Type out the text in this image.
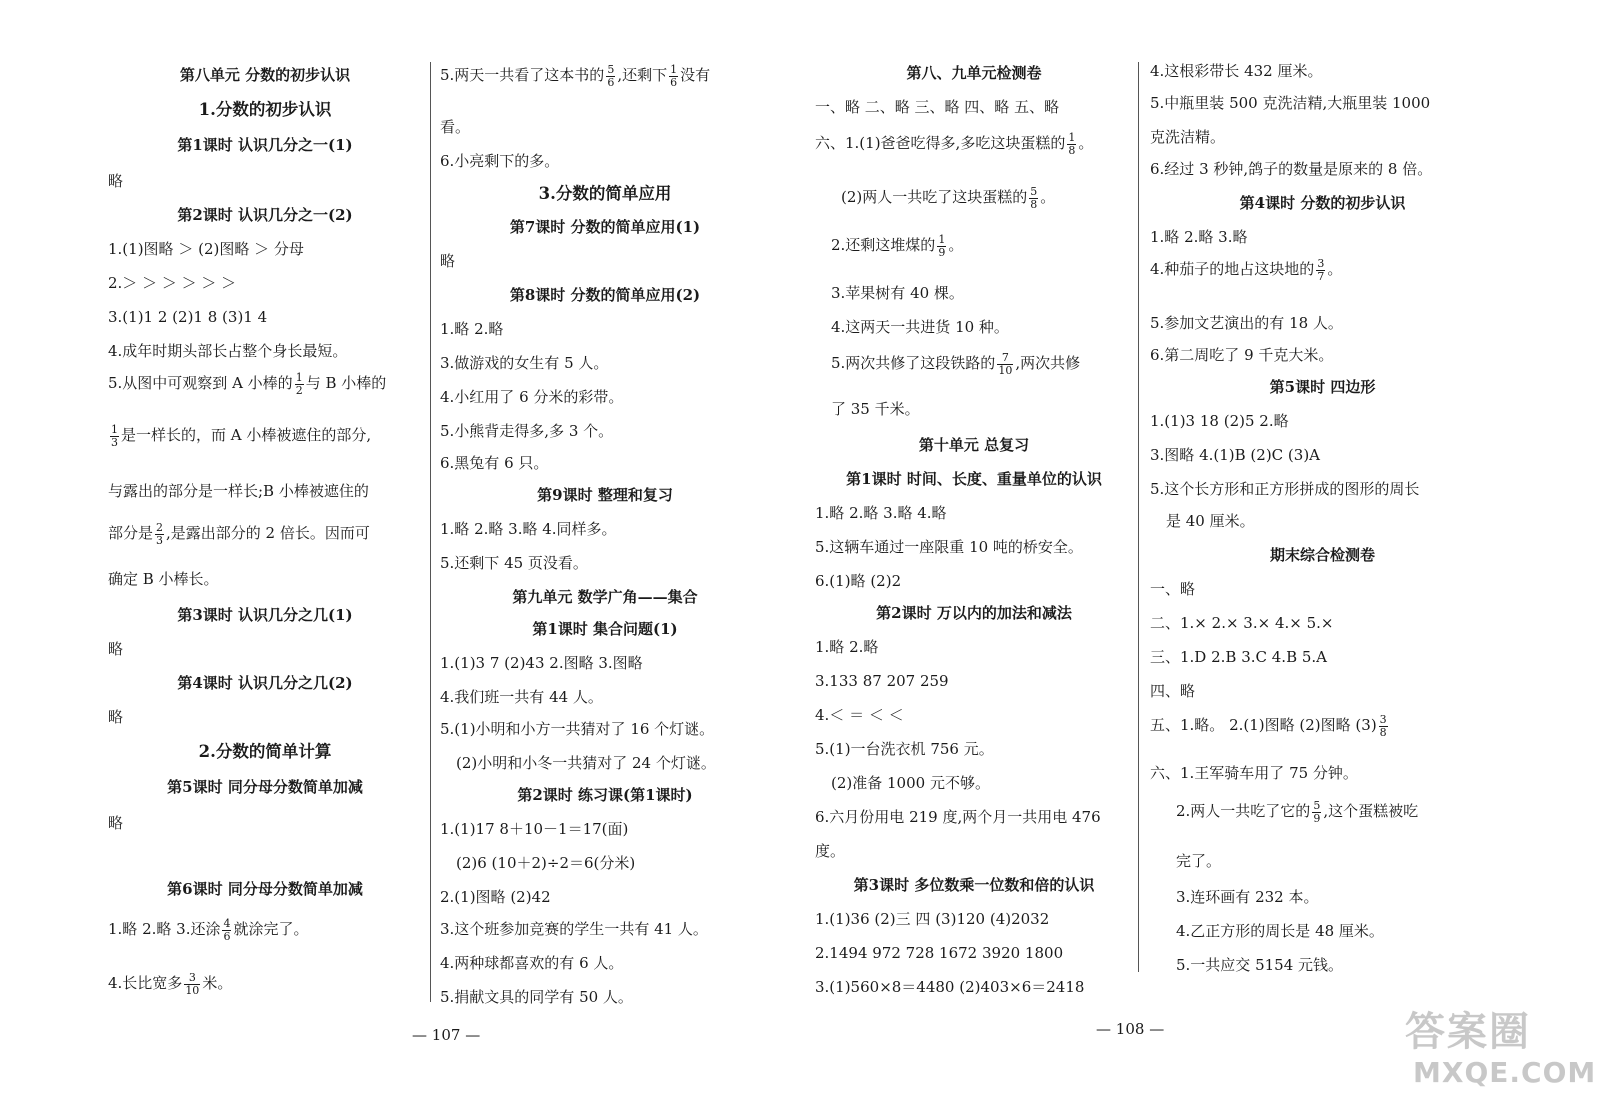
第八单元 分数的初步认识
1.分数的初步认识
第1课时 认识几分之一(1)
略
第2课时 认识几分之一(2)
1.(1)图略 ＞ (2)图略 ＞ 分母
2.＞ ＞ ＞ ＞ ＞ ＞
3.(1)1 2 (2)1 8 (3)1 4
4.成年时期头部长占整个身长最短。
5.从图中可观察到 A 小棒的 $\frac{1}{2}$ 与 B 小棒的
$\frac{1}{3}$ 是一样长的，而 A 小棒被遮住的部分,
与露出的部分是一样长;B 小棒被遮住的
部分是 $\frac{2}{3}$ ,是露出部分的 2 倍长。因而可
确定 B 小棒长。
第3课时 认识几分之几(1)
略
第4课时 认识几分之几(2)
略
2.分数的简单计算
第5课时 同分母分数简单加减
略
第6课时 同分母分数简单加减
1.略 2.略 3.还涂 $\frac{4}{6}$ 就涂完了。
4.长比宽多 $\frac{3}{10}$ 米。
5.两天一共看了这本书的 $\frac{5}{6}$ ,还剩下 $\frac{1}{6}$ 没有
看。
6.小亮剩下的多。
3.分数的简单应用
第7课时 分数的简单应用(1)
略
第8课时 分数的简单应用(2)
1.略 2.略
3.做游戏的女生有 5 人。
4.小红用了 6 分米的彩带。
5.小熊背走得多,多 3 个。
6.黑兔有 6 只。
第9课时 整理和复习
1.略 2.略 3.略 4.同样多。
5.还剩下 45 页没看。
第九单元 数学广角——集合
第1课时 集合问题(1)
1.(1)3 7 (2)43 2.图略 3.图略
4.我们班一共有 44 人。
5.(1)小明和小方一共猜对了 16 个灯谜。
(2)小明和小冬一共猜对了 24 个灯谜。
第2课时 练习课(第1课时)
1.(1)17 8＋10－1＝17(面)
(2)6 (10＋2)÷2＝6(分米)
2.(1)图略 (2)42
3.这个班参加竞赛的学生一共有 41 人。
4.两种球都喜欢的有 6 人。
5.捐献文具的同学有 50 人。
第八、九单元检测卷
一、略 二、略 三、略 四、略 五、略
六、1.(1)爸爸吃得多,多吃这块蛋糕的 $\frac{1}{8}$ 。
(2)两人一共吃了这块蛋糕的 $\frac{5}{8}$ 。
2.还剩这堆煤的 $\frac{1}{9}$ 。
3.苹果树有 40 棵。
4.这两天一共进货 10 种。
5.两次共修了这段铁路的 $\frac{7}{10}$ ,两次共修
了 35 千米。
第十单元 总复习
第1课时 时间、长度、重量单位的认识
1.略 2.略 3.略 4.略
5.这辆车通过一座限重 10 吨的桥安全。
6.(1)略 (2)2
第2课时 万以内的加法和减法
1.略 2.略
3.133 87 207 259
4.＜ ＝ ＜ ＜
5.(1)一台洗衣机 756 元。
(2)准备 1000 元不够。
6.六月份用电 219 度,两个月一共用电 476
度。
第3课时 多位数乘一位数和倍的认识
1.(1)36 (2)三 四 (3)120 (4)2032
2.1494 972 728 1672 3920 1800
3.(1)560×8＝4480 (2)403×6＝2418
4.这根彩带长 432 厘米。
5.中瓶里装 500 克洗洁精,大瓶里装 1000
克洗洁精。
6.经过 3 秒钟,鸽子的数量是原来的 8 倍。
第4课时 分数的初步认识
1.略 2.略 3.略
4.种茄子的地占这块地的 $\frac{3}{7}$ 。
5.参加文艺演出的有 18 人。
6.第二周吃了 9 千克大米。
第5课时 四边形
1.(1)3 18 (2)5 2.略
3.图略 4.(1)B (2)C (3)A
5.这个长方形和正方形拼成的图形的周长
是 40 厘米。
期末综合检测卷
一、略
二、1.× 2.× 3.× 4.× 5.×
三、1.D 2.B 3.C 4.B 5.A
四、略
五、1.略。 2.(1)图略 (2)图略 $(3) \frac{3}{8}$
六、1.王军骑车用了 75 分钟。
2.两人一共吃了它的 $\frac{5}{9}$ ,这个蛋糕被吃
完了。
3.连环画有 232 本。
4.乙正方形的周长是 48 厘米。
5.一共应交 5154 元钱。
— 107 —	— 108 —	答案圈
MXQE.COM
